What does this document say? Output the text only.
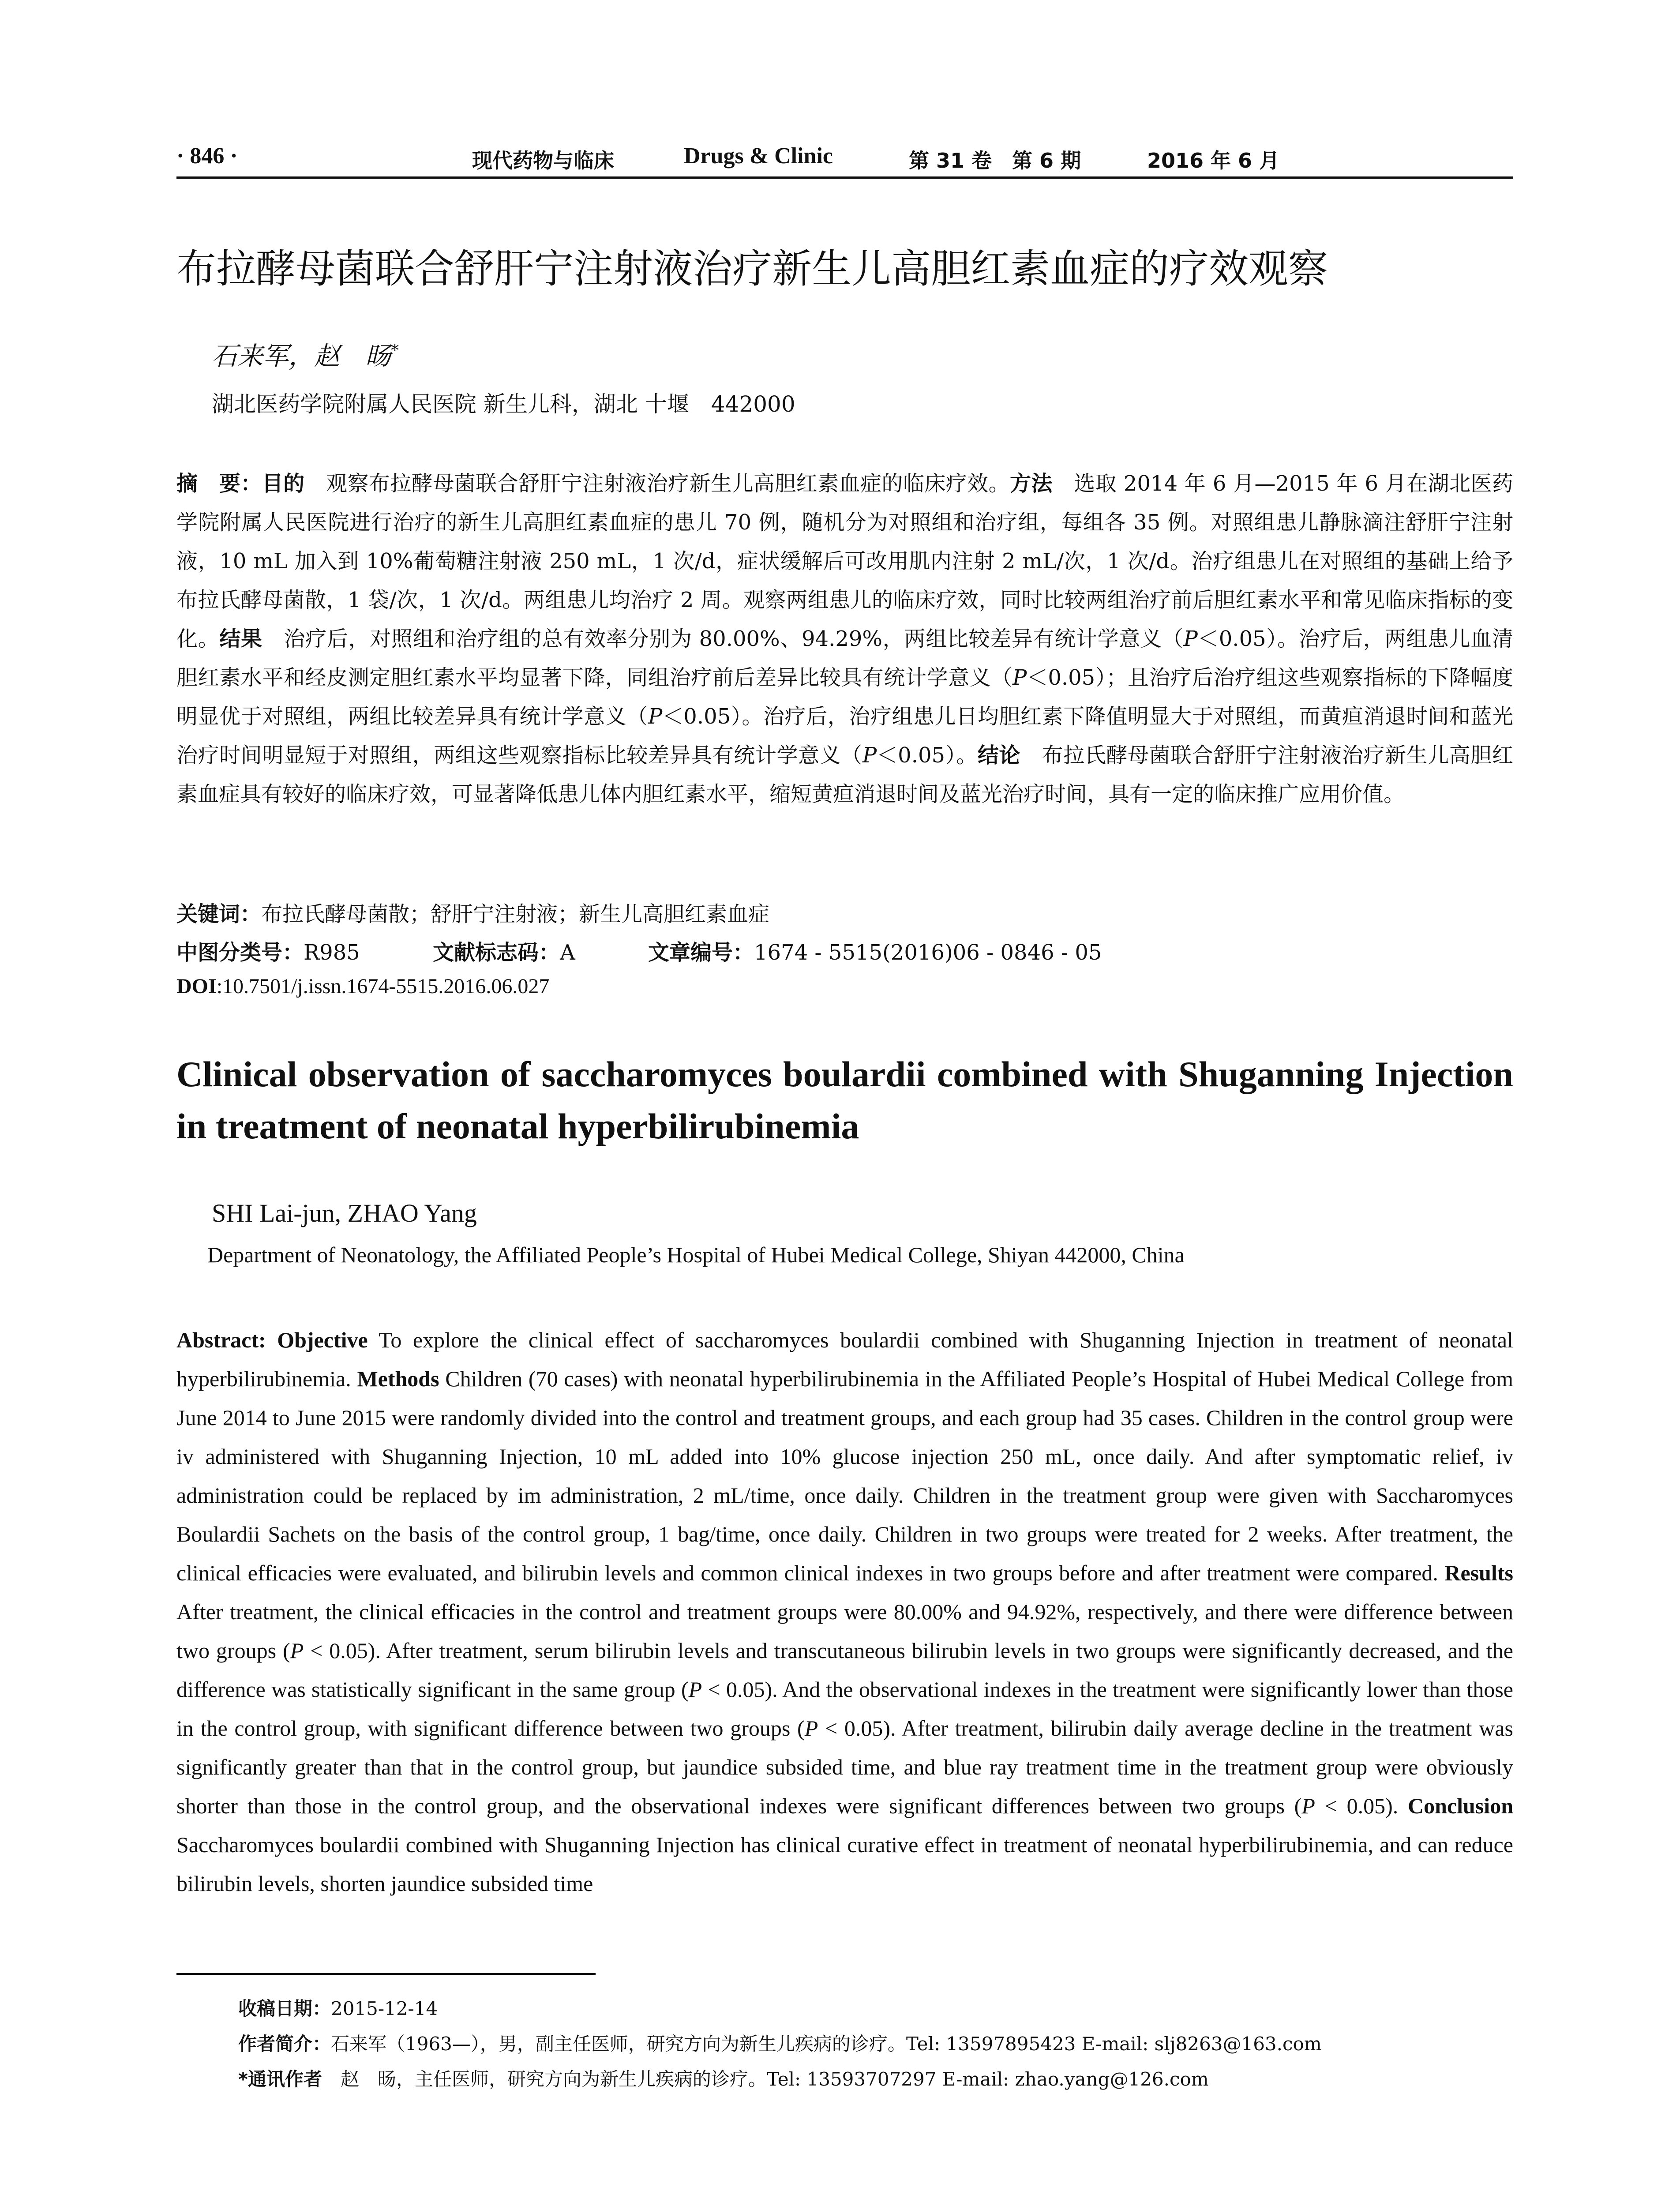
· 846 ·	现代药物与临床	Drugs & Clinic	第 31 卷　第 6 期	2016 年 6 月
布拉酵母菌联合舒肝宁注射液治疗新生儿高胆红素血症的疗效观察
石来军，赵　旸*
湖北医药学院附属人民医院 新生儿科，湖北 十堰　442000
摘　要：目的　观察布拉酵母菌联合舒肝宁注射液治疗新生儿高胆红素血症的临床疗效。方法　选取 2014 年 6 月—2015 年 6 月在湖北医药学院附属人民医院进行治疗的新生儿高胆红素血症的患儿 70 例，随机分为对照组和治疗组，每组各 35 例。对照组患儿静脉滴注舒肝宁注射液，10 mL 加入到 10%葡萄糖注射液 250 mL，1 次/d，症状缓解后可改用肌内注射 2 mL/次，1 次/d。治疗组患儿在对照组的基础上给予布拉氏酵母菌散，1 袋/次，1 次/d。两组患儿均治疗 2 周。观察两组患儿的临床疗效，同时比较两组治疗前后胆红素水平和常见临床指标的变化。结果　治疗后，对照组和治疗组的总有效率分别为 80.00%、94.29%，两组比较差异有统计学意义（P＜0.05）。治疗后，两组患儿血清胆红素水平和经皮测定胆红素水平均显著下降，同组治疗前后差异比较具有统计学意义（P＜0.05）；且治疗后治疗组这些观察指标的下降幅度明显优于对照组，两组比较差异具有统计学意义（P＜0.05）。治疗后，治疗组患儿日均胆红素下降值明显大于对照组，而黄疸消退时间和蓝光治疗时间明显短于对照组，两组这些观察指标比较差异具有统计学意义（P＜0.05）。结论　布拉氏酵母菌联合舒肝宁注射液治疗新生儿高胆红素血症具有较好的临床疗效，可显著降低患儿体内胆红素水平，缩短黄疸消退时间及蓝光治疗时间，具有一定的临床推广应用价值。
关键词：布拉氏酵母菌散；舒肝宁注射液；新生儿高胆红素血症
中图分类号：R985	文献标志码：A	文章编号：1674 - 5515(2016)06 - 0846 - 05
DOI:10.7501/j.issn.1674-5515.2016.06.027
Clinical observation of saccharomyces boulardii combined with Shuganning Injection in treatment of neonatal hyperbilirubinemia
SHI Lai-jun, ZHAO Yang
Department of Neonatology, the Affiliated People’s Hospital of Hubei Medical College, Shiyan 442000, China
Abstract: Objective To explore the clinical effect of saccharomyces boulardii combined with Shuganning Injection in treatment of neonatal hyperbilirubinemia. Methods Children (70 cases) with neonatal hyperbilirubinemia in the Affiliated People’s Hospital of Hubei Medical College from June 2014 to June 2015 were randomly divided into the control and treatment groups, and each group had 35 cases. Children in the control group were iv administered with Shuganning Injection, 10 mL added into 10% glucose injection 250 mL, once daily. And after symptomatic relief, iv administration could be replaced by im administration, 2 mL/time, once daily. Children in the treatment group were given with Saccharomyces Boulardii Sachets on the basis of the control group, 1 bag/time, once daily. Children in two groups were treated for 2 weeks. After treatment, the clinical efficacies were evaluated, and bilirubin levels and common clinical indexes in two groups before and after treatment were compared. Results After treatment, the clinical efficacies in the control and treatment groups were 80.00% and 94.92%, respectively, and there were difference between two groups (P < 0.05). After treatment, serum bilirubin levels and transcutaneous bilirubin levels in two groups were significantly decreased, and the difference was statistically significant in the same group (P < 0.05). And the observational indexes in the treatment were significantly lower than those in the control group, with significant difference between two groups (P < 0.05). After treatment, bilirubin daily average decline in the treatment was significantly greater than that in the control group, but jaundice subsided time, and blue ray treatment time in the treatment group were obviously shorter than those in the control group, and the observational indexes were significant differences between two groups (P < 0.05). Conclusion Saccharomyces boulardii combined with Shuganning Injection has clinical curative effect in treatment of neonatal hyperbilirubinemia, and can reduce bilirubin levels, shorten jaundice subsided time
收稿日期：2015-12-14
作者简介：石来军（1963—），男，副主任医师，研究方向为新生儿疾病的诊疗。Tel: 13597895423 E-mail: slj8263@163.com
*通讯作者　赵　旸，主任医师，研究方向为新生儿疾病的诊疗。Tel: 13593707297 E-mail: zhao.yang@126.com
